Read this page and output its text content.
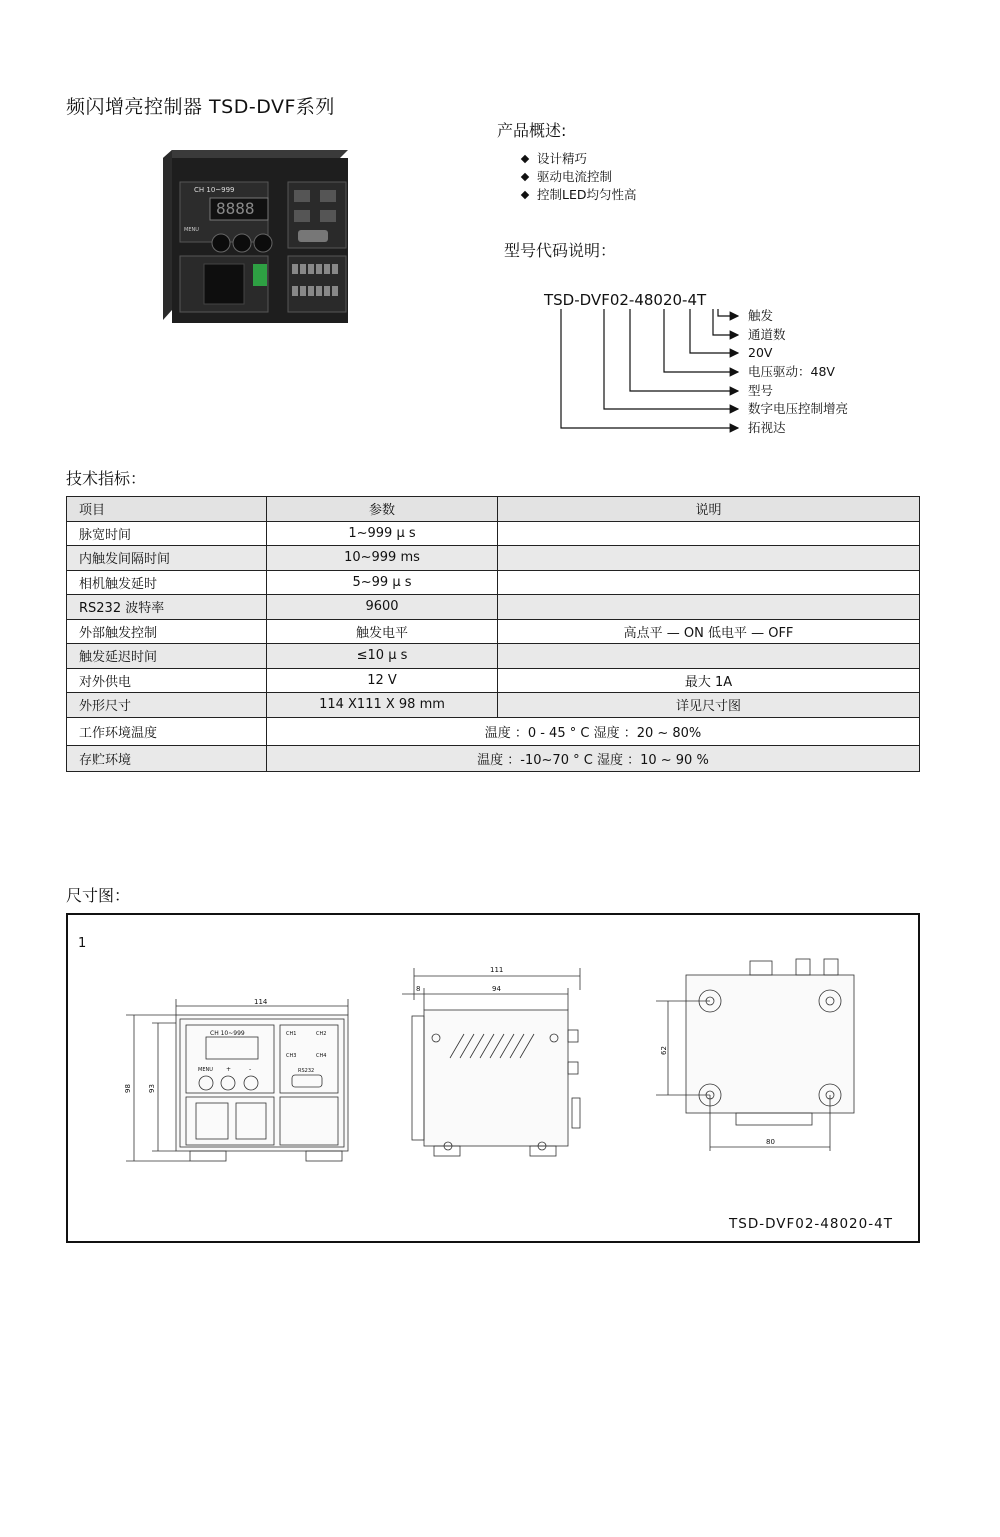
频闪增亮控制器 TSD-DVF系列
CH 10~999
8888
MENU
产品概述:
设计精巧
驱动电流控制
控制LED均匀性高
型号代码说明：
TSD-DVF02-48020-4T
触发
通道数
20V
电压驱动：48V
型号
数字电压控制增亮
拓视达
技术指标：
项目	参数	说明
脉宽时间	1~999 μ s	
内触发间隔时间	10~999 ms	
相机触发延时	5~99 μ s	
RS232 波特率	9600	
外部触发控制	触发电平	高点平 — ON 低电平 — OFF
触发延迟时间	≤10 μ s	
对外供电	12 V	最大 1A
外形尺寸	114 X111 X 98 mm	详见尺寸图
工作环境温度	温度 ：0 - 45 ° C 湿度 ：20 ~ 80%	
存贮环境	温度 ：-10~70 ° C 湿度 ：10 ~ 90 %	
尺寸图：
1
114
98 93
CH 10~999
MENU +	-
CH1	CH2
CH3	CH4
RS232
111
8	94
62
80
TSD-DVF02-48020-4T
